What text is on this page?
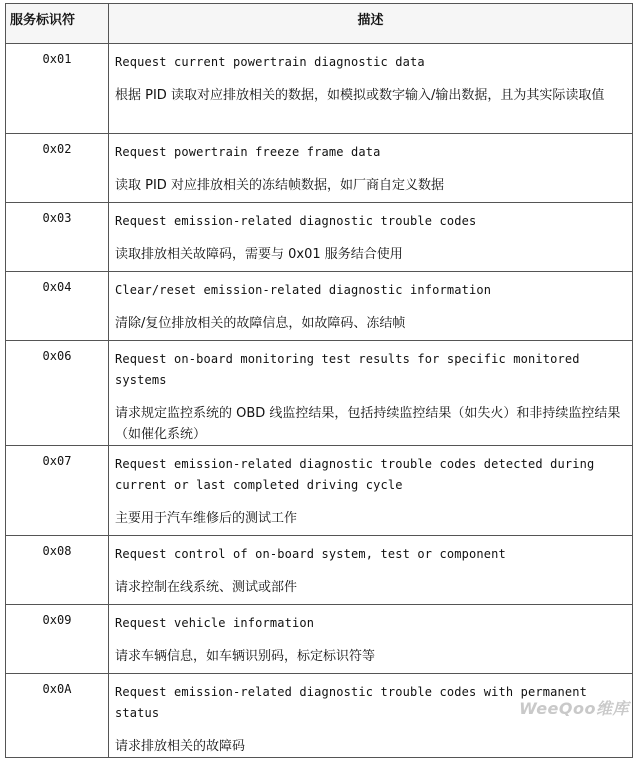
服务标识符	描述
0x01	Request current powertrain diagnostic data

根据 PID 读取对应排放相关的数据，如模拟或数字输入/输出数据，且为其实际读取值

0x02	Request powertrain freeze frame data

读取 PID 对应排放相关的冻结帧数据，如厂商自定义数据

0x03	Request emission-related diagnostic trouble codes

读取排放相关故障码，需要与 0x01 服务结合使用

0x04	Clear/reset emission-related diagnostic information

清除/复位排放相关的故障信息，如故障码、冻结帧

0x06	Request on-board monitoring test results for specific monitored systems

请求规定监控系统的 OBD 线监控结果，包括持续监控结果（如失火）和非持续监控结果（如催化系统）

0x07	Request emission-related diagnostic trouble codes detected during current or last completed driving cycle

主要用于汽车维修后的测试工作

0x08	Request control of on-board system, test or component

请求控制在线系统、测试或部件

0x09	Request vehicle information

请求车辆信息，如车辆识别码，标定标识符等

0x0A	Request emission-related diagnostic trouble codes with permanent status

请求排放相关的故障码

WeeQoo维库
